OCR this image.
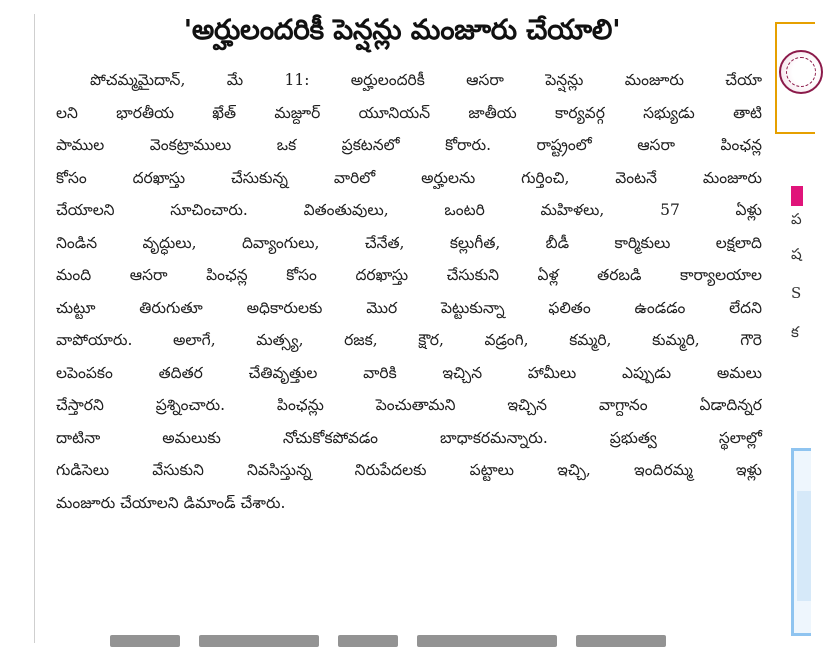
'అర్హులందరికీ పెన్షన్లు మంజూరు చేయాలి'
పోచమ్మమైదాన్, మే 11: అర్హులందరికీ ఆసరా పెన్షన్లు మంజూరు చేయా
లని భారతీయ ఖేత్ మజ్దూర్ యూనియన్ జాతీయ కార్యవర్గ సభ్యుడు తాటి
పాముల వెంకట్రాములు ఒక ప్రకటనలో కోరారు. రాష్ట్రంలో ఆసరా పింఛన్ల
కోసం దరఖాస్తు చేసుకున్న వారిలో అర్హులను గుర్తించి, వెంటనే మంజూరు
చేయాలని సూచించారు. వితంతువులు, ఒంటరి మహిళలు, 57 ఏళ్లు
నిండిన వృద్ధులు, దివ్యాంగులు, చేనేత, కల్లుగీత, బీడీ కార్మికులు లక్షలాది
మంది ఆసరా పింఛన్ల కోసం దరఖాస్తు చేసుకుని ఏళ్ల తరబడి కార్యాలయాల
చుట్టూ తిరుగుతూ అధికారులకు మొర పెట్టుకున్నా ఫలితం ఉండడం లేదని
వాపోయారు. అలాగే, మత్స్య, రజక, క్షౌర, వడ్రంగి, కమ్మరి, కుమ్మరి, గౌరె
లపెంపకం తదితర చేతివృత్తుల వారికి ఇచ్చిన హామీలు ఎప్పుడు అమలు
చేస్తారని ప్రశ్నించారు. పింఛన్లు పెంచుతామని ఇచ్చిన వాగ్దానం ఏడాదిన్నర
దాటినా అమలుకు నోచుకోకపోవడం బాధాకరమన్నారు. ప్రభుత్వ స్థలాల్లో
గుడిసెలు వేసుకుని నివసిస్తున్న నిరుపేదలకు పట్టాలు ఇచ్చి, ఇందిరమ్మ ఇళ్లు
మంజూరు చేయాలని డిమాండ్ చేశారు.

ప
ష
S
క
